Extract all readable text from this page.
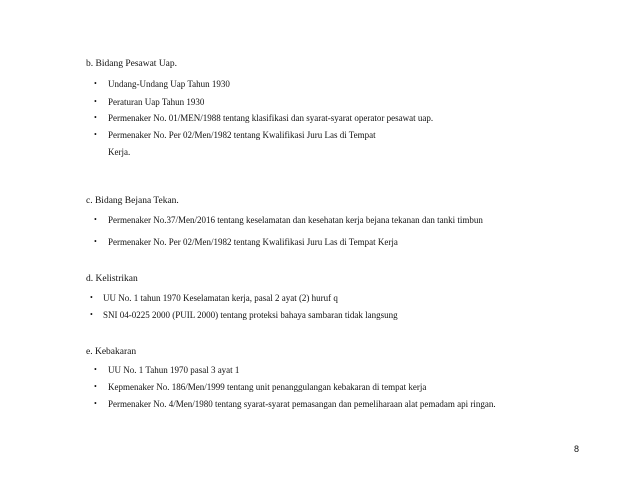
b. Bidang Pesawat Uap.
• Undang-Undang Uap Tahun 1930
• Peraturan Uap Tahun 1930
• Permenaker No. 01/MEN/1988 tentang klasifikasi dan syarat-syarat operator pesawat uap.
• Permenaker No. Per 02/Men/1982 tentang Kwalifikasi Juru Las di Tempat
Kerja.
c. Bidang Bejana Tekan.
• Permenaker No.37/Men/2016 tentang keselamatan dan kesehatan kerja bejana tekanan dan tanki timbun
• Permenaker No. Per 02/Men/1982 tentang Kwalifikasi Juru Las di Tempat Kerja
d. Kelistrikan
• UU No. 1 tahun 1970 Keselamatan kerja, pasal 2 ayat (2) huruf q
• SNI 04-0225 2000 (PUIL 2000) tentang proteksi bahaya sambaran tidak langsung
e. Kebakaran
• UU No. 1 Tahun 1970 pasal 3 ayat 1
• Kepmenaker No. 186/Men/1999 tentang unit penanggulangan kebakaran di tempat kerja
• Permenaker No. 4/Men/1980 tentang syarat-syarat pemasangan dan pemeliharaan alat pemadam api ringan.
8
